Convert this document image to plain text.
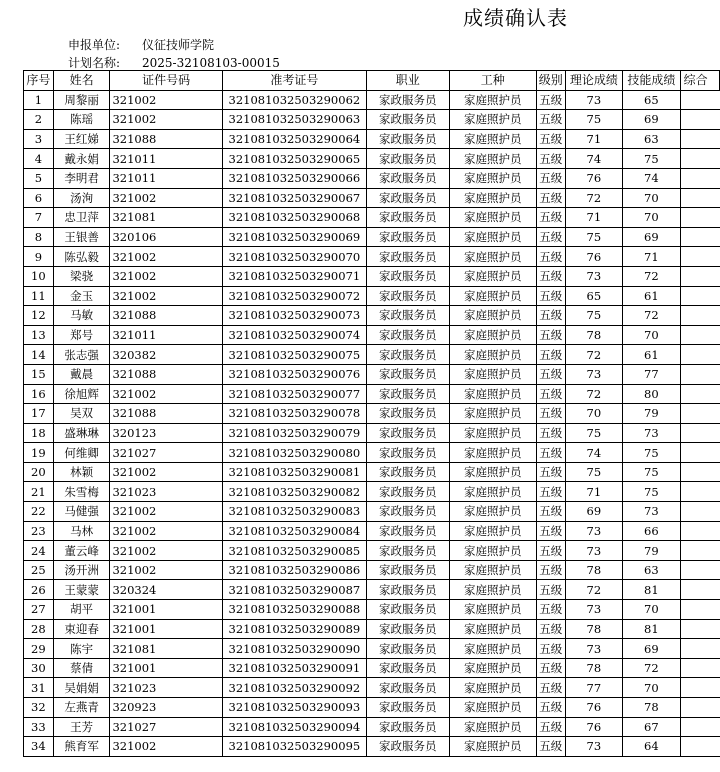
成绩确认表
申报单位: 仪征技师学院
计划名称: 2025-32108103-00015
序号	姓名	证件号码	准考证号	职业	工种	级别	理论成绩	技能成绩	综合
1	周黎丽	321002	321081032503290062	家政服务员	家庭照护员	五级	73	65	
2	陈瑶	321002	321081032503290063	家政服务员	家庭照护员	五级	75	69	
3	王红娣	321088	321081032503290064	家政服务员	家庭照护员	五级	71	63	
4	戴永娟	321011	321081032503290065	家政服务员	家庭照护员	五级	74	75	
5	李明君	321011	321081032503290066	家政服务员	家庭照护员	五级	76	74	
6	汤洵	321002	321081032503290067	家政服务员	家庭照护员	五级	72	70	
7	忠卫萍	321081	321081032503290068	家政服务员	家庭照护员	五级	71	70	
8	王银善	320106	321081032503290069	家政服务员	家庭照护员	五级	75	69	
9	陈弘毅	321002	321081032503290070	家政服务员	家庭照护员	五级	76	71	
10	梁骁	321002	321081032503290071	家政服务员	家庭照护员	五级	73	72	
11	金玉	321002	321081032503290072	家政服务员	家庭照护员	五级	65	61	
12	马敏	321088	321081032503290073	家政服务员	家庭照护员	五级	75	72	
13	郑号	321011	321081032503290074	家政服务员	家庭照护员	五级	78	70	
14	张志强	320382	321081032503290075	家政服务员	家庭照护员	五级	72	61	
15	戴晨	321088	321081032503290076	家政服务员	家庭照护员	五级	73	77	
16	徐旭辉	321002	321081032503290077	家政服务员	家庭照护员	五级	72	80	
17	吴双	321088	321081032503290078	家政服务员	家庭照护员	五级	70	79	
18	盛琳琳	320123	321081032503290079	家政服务员	家庭照护员	五级	75	73	
19	何维卿	321027	321081032503290080	家政服务员	家庭照护员	五级	74	75	
20	林颖	321002	321081032503290081	家政服务员	家庭照护员	五级	75	75	
21	朱雪梅	321023	321081032503290082	家政服务员	家庭照护员	五级	71	75	
22	马健强	321002	321081032503290083	家政服务员	家庭照护员	五级	69	73	
23	马林	321002	321081032503290084	家政服务员	家庭照护员	五级	73	66	
24	董云峰	321002	321081032503290085	家政服务员	家庭照护员	五级	73	79	
25	汤开洲	321002	321081032503290086	家政服务员	家庭照护员	五级	78	63	
26	王蒙蒙	320324	321081032503290087	家政服务员	家庭照护员	五级	72	81	
27	胡平	321001	321081032503290088	家政服务员	家庭照护员	五级	73	70	
28	束迎春	321001	321081032503290089	家政服务员	家庭照护员	五级	78	81	
29	陈宇	321081	321081032503290090	家政服务员	家庭照护员	五级	73	69	
30	蔡倩	321001	321081032503290091	家政服务员	家庭照护员	五级	78	72	
31	吴娟娟	321023	321081032503290092	家政服务员	家庭照护员	五级	77	70	
32	左燕青	320923	321081032503290093	家政服务员	家庭照护员	五级	76	78	
33	王芳	321027	321081032503290094	家政服务员	家庭照护员	五级	76	67	
34	熊育军	321002	321081032503290095	家政服务员	家庭照护员	五级	73	64	
